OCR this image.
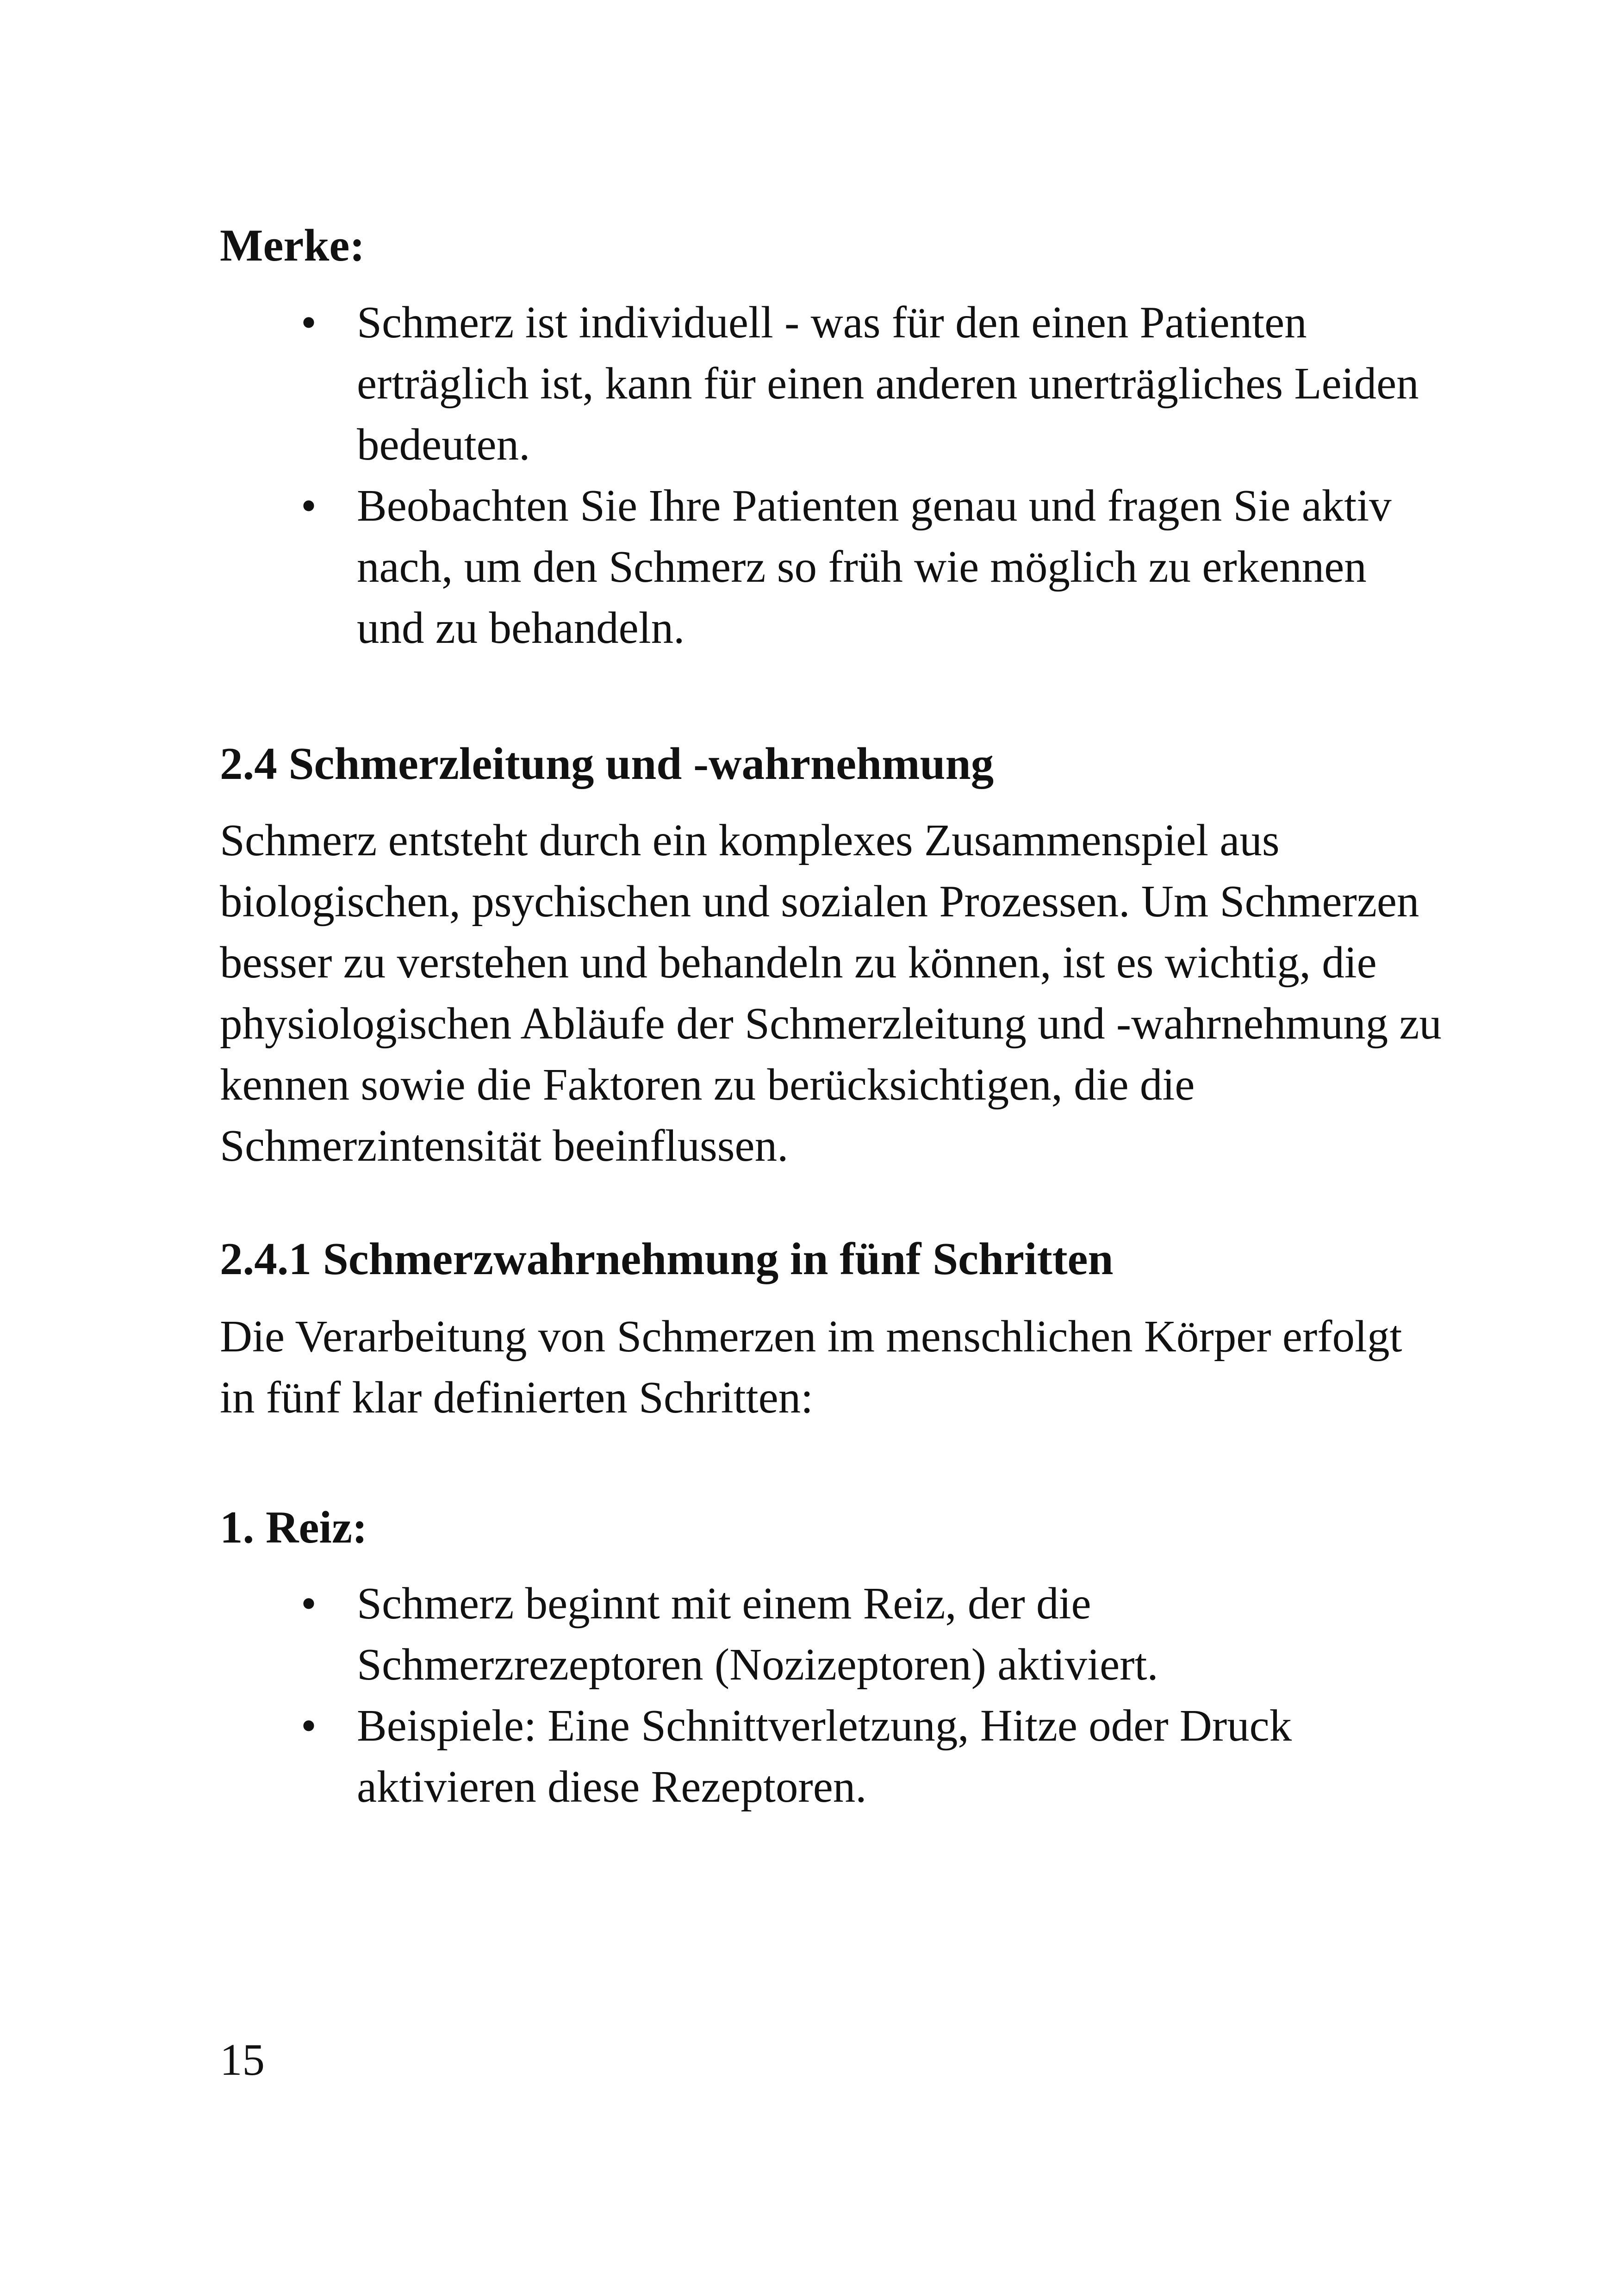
Merke:
• Schmerz ist individuell - was für den einen Patienten erträglich ist, kann für einen anderen unerträgliches Leiden bedeuten.
• Beobachten Sie Ihre Patienten genau und fragen Sie aktiv nach, um den Schmerz so früh wie möglich zu erkennen und zu behandeln.
2.4 Schmerzleitung und -wahrnehmung

Schmerz entsteht durch ein komplexes Zusammenspiel aus biologischen, psychischen und sozialen Prozessen. Um Schmerzen besser zu verstehen und behandeln zu können, ist es wichtig, die physiologischen Abläufe der Schmerzleitung und -wahrnehmung zu kennen sowie die Faktoren zu berücksichtigen, die die Schmerzintensität beeinflussen.

2.4.1 Schmerzwahrnehmung in fünf Schritten

Die Verarbeitung von Schmerzen im menschlichen Körper erfolgt in fünf klar definierten Schritten:

1. Reiz:
• Schmerz beginnt mit einem Reiz, der die Schmerzrezeptoren (Nozizeptoren) aktiviert.
• Beispiele: Eine Schnittverletzung, Hitze oder Druck aktivieren diese Rezeptoren.
15
